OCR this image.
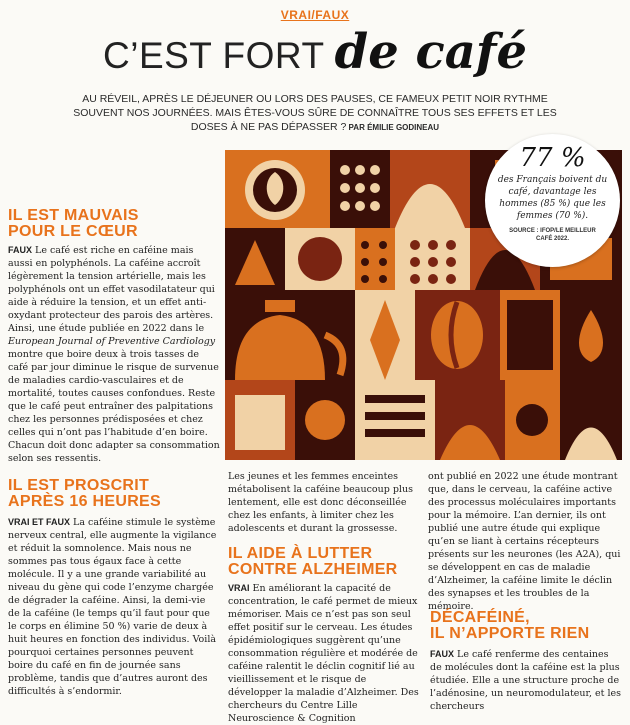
VRAI/FAUX
C’EST FORT de café
AU RÉVEIL, APRÈS LE DÉJEUNER OU LORS DES PAUSES, CE FAMEUX PETIT NOIR RYTHME SOUVENT NOS JOURNÉES. MAIS ÊTES-VOUS SÛRE DE CONNAÎTRE TOUS SES EFFETS ET LES DOSES À NE PAS DÉPASSER ? PAR ÉMILIE GODINEAU
IL EST MAUVAIS
POUR LE CŒUR

FAUX Le café est riche en caféine mais aussi en polyphénols. La caféine accroît légèrement la tension artérielle, mais les polyphénols ont un effet vasodilatateur qui aide à réduire la tension, et un effet anti-oxydant protecteur des parois des artères. Ainsi, une étude publiée en 2022 dans le European Journal of Preventive Cardiology montre que boire deux à trois tasses de café par jour diminue le risque de survenue de maladies cardio-vasculaires et de mortalité, toutes causes confondues. Reste que le café peut entraîner des palpitations chez les personnes prédisposées et chez celles qui n’ont pas l’habitude d’en boire. Chacun doit donc adapter sa consommation selon ses ressentis.

IL EST PROSCRIT
APRÈS 16 HEURES

VRAI ET FAUX La caféine stimule le système nerveux central, elle augmente la vigilance et réduit la somnolence. Mais nous ne sommes pas tous égaux face à cette molécule. Il y a une grande variabilité au niveau du gène qui code l’enzyme chargée de dégrader la caféine. Ainsi, la demi-vie de la caféine (le temps qu’il faut pour que le corps en élimine 50 %) varie de deux à huit heures en fonction des individus. Voilà pourquoi certaines personnes peuvent boire du café en fin de journée sans problème, tandis que d’autres auront des difficultés à s’endormir.

77 %
des Français boivent du café, davantage les hommes (85 %) que les femmes (70 %).
SOURCE : IFOP/LE MEILLEUR CAFÉ 2022.
Les jeunes et les femmes enceintes métabolisent la caféine beaucoup plus lentement, elle est donc déconseillée chez les enfants, à limiter chez les adolescents et durant la grossesse.
IL AIDE À LUTTER
CONTRE ALZHEIMER

VRAI En améliorant la capacité de concentration, le café permet de mieux mémoriser. Mais ce n’est pas son seul effet positif sur le cerveau. Les études épidémiologiques suggèrent qu’une consommation régulière et modérée de caféine ralentit le déclin cognitif lié au vieillissement et le risque de développer la maladie d’Alzheimer. Des chercheurs du Centre Lille Neuroscience & Cognition

ont publié en 2022 une étude montrant que, dans le cerveau, la caféine active des processus moléculaires importants pour la mémoire. L’an dernier, ils ont publié une autre étude qui explique qu’en se liant à certains récepteurs présents sur les neurones (les A2A), qui se développent en cas de maladie d’Alzheimer, la caféine limite le déclin des synapses et les troubles de la mémoire.
DÉCAFÉINÉ,
IL N’APPORTE RIEN

FAUX Le café renferme des centaines de molécules dont la caféine est la plus étudiée. Elle a une structure proche de l’adénosine, un neuromodulateur, et les chercheurs
